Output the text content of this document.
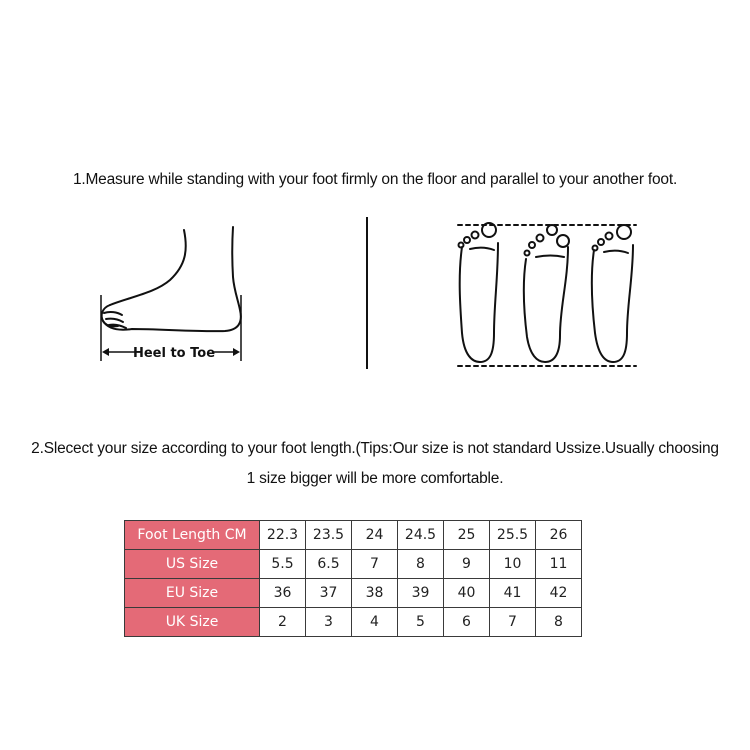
1.Measure while standing with your foot firmly on the floor and parallel to your another foot.
Heel to Toe
2.Slecect your size according to your foot length.(Tips:Our size is not standard Ussize.Usually choosing
1 size bigger will be more comfortable.
Foot Length CM	22.3	23.5	24	24.5	25	25.5	26
US Size	5.5	6.5	7	8	9	10	11
EU Size	36	37	38	39	40	41	42
UK Size	2	3	4	5	6	7	8
